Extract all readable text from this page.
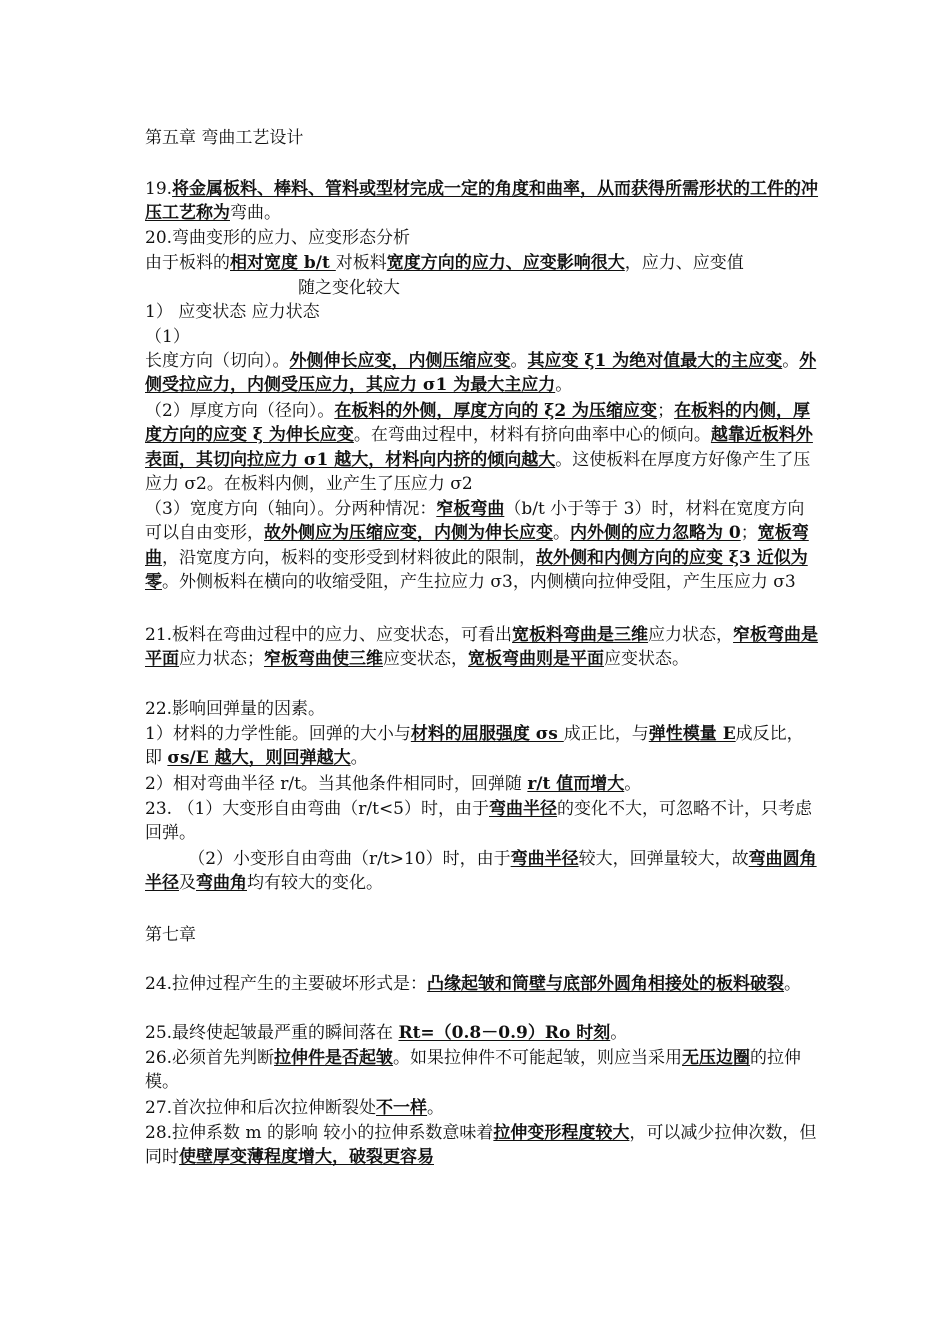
第五章 弯曲工艺设计
19.将金属板料、棒料、管料或型材完成一定的角度和曲率，从而获得所需形状的工件的冲压工艺称为弯曲。
20.弯曲变形的应力、应变形态分析
由于板料的相对宽度 b/t 对板料宽度方向的应力、应变影响很大，应力、应变值
随之变化较大
1） 应变状态 应力状态
（1）
长度方向（切向）。外侧伸长应变，内侧压缩应变。其应变 ξ1 为绝对值最大的主应变。外侧受拉应力，内侧受压应力，其应力 σ1 为最大主应力。
（2）厚度方向（径向）。在板料的外侧，厚度方向的 ξ2 为压缩应变；在板料的内侧，厚度方向的应变 ξ 为伸长应变。在弯曲过程中，材料有挤向曲率中心的倾向。越靠近板料外表面，其切向拉应力 σ1 越大，材料向内挤的倾向越大。这使板料在厚度方好像产生了压应力 σ2。在板料内侧，业产生了压应力 σ2
（3）宽度方向（轴向）。分两种情况：窄板弯曲（b/t 小于等于 3）时，材料在宽度方向可以自由变形，故外侧应为压缩应变，内侧为伸长应变。内外侧的应力忽略为 0；宽板弯曲，沿宽度方向，板料的变形受到材料彼此的限制，故外侧和内侧方向的应变 ξ3 近似为零。外侧板料在横向的收缩受阻，产生拉应力 σ3，内侧横向拉伸受阻，产生压应力 σ3
21.板料在弯曲过程中的应力、应变状态，可看出宽板料弯曲是三维应力状态，窄板弯曲是平面应力状态；窄板弯曲使三维应变状态，宽板弯曲则是平面应变状态。
22.影响回弹量的因素。
1）材料的力学性能。回弹的大小与材料的屈服强度 σs 成正比，与弹性模量 E成反比，即 σs/E 越大，则回弹越大。
2）相对弯曲半径 r/t。当其他条件相同时，回弹随 r/t 值而增大。
23. （1）大变形自由弯曲（r/t<5）时，由于弯曲半径的变化不大，可忽略不计，只考虑回弹。
（2）小变形自由弯曲（r/t>10）时，由于弯曲半径较大，回弹量较大，故弯曲圆角半径及弯曲角均有较大的变化。
第七章
24.拉伸过程产生的主要破坏形式是：凸缘起皱和筒壁与底部外圆角相接处的板料破裂。
25.最终使起皱最严重的瞬间落在 Rt=（0.8－0.9）Ro 时刻。
26.必须首先判断拉伸件是否起皱。如果拉伸件不可能起皱，则应当采用无压边圈的拉伸模。
27.首次拉伸和后次拉伸断裂处不一样。
28.拉伸系数 m 的影响 较小的拉伸系数意味着拉伸变形程度较大，可以减少拉伸次数，但同时使壁厚变薄程度增大，破裂更容易
